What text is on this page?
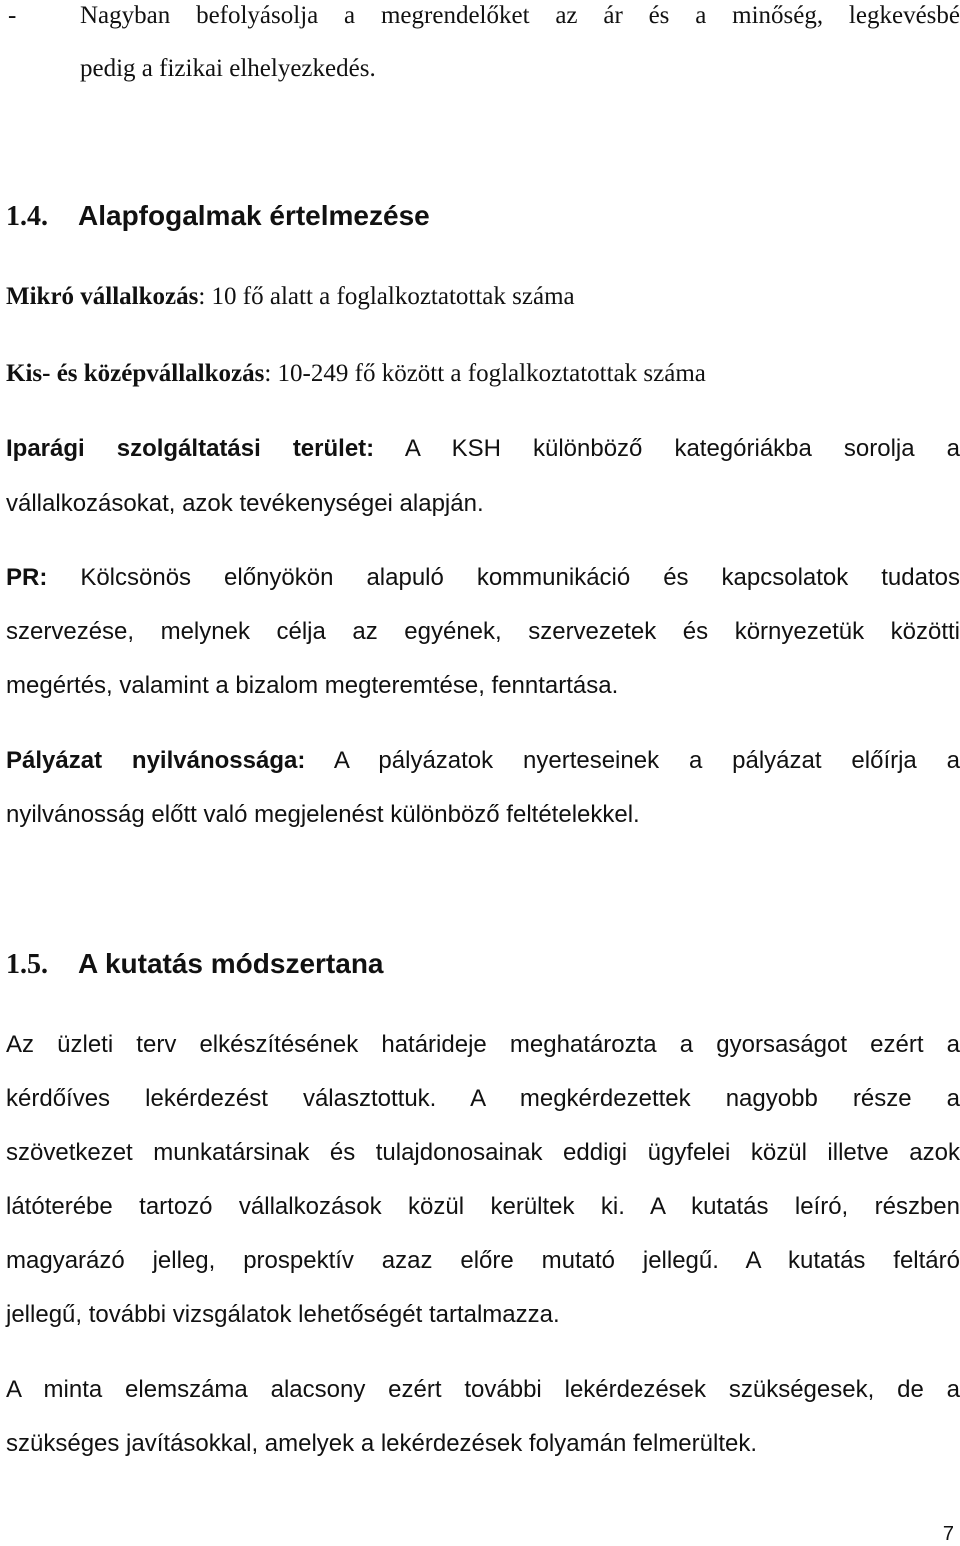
-	Nagyban befolyásolja a megrendelőket az ár és a minőség, legkevésbé
pedig a fizikai elhelyezkedés.
1.4. Alapfogalmak értelmezése
Mikró vállalkozás: 10 fő alatt a foglalkoztatottak száma
Kis- és középvállalkozás: 10-249 fő között a foglalkoztatottak száma
Iparági szolgáltatási terület: A KSH különböző kategóriákba sorolja a
vállalkozásokat, azok tevékenységei alapján.
PR: Kölcsönös előnyökön alapuló kommunikáció és kapcsolatok tudatos
szervezése, melynek célja az egyének, szervezetek és környezetük közötti
megértés, valamint a bizalom megteremtése, fenntartása.
Pályázat nyilvánossága: A pályázatok nyerteseinek a pályázat előírja a
nyilvánosság előtt való megjelenést különböző feltételekkel.
1.5. A kutatás módszertana
Az üzleti terv elkészítésének határideje meghatározta a gyorsaságot ezért a
kérdőíves lekérdezést választottuk. A megkérdezettek nagyobb része a
szövetkezet munkatársinak és tulajdonosainak eddigi ügyfelei közül illetve azok
látóterébe tartozó vállalkozások közül kerültek ki. A kutatás leíró, részben
magyarázó jelleg, prospektív azaz előre mutató jellegű. A kutatás feltáró
jellegű, további vizsgálatok lehetőségét tartalmazza.
A minta elemszáma alacsony ezért további lekérdezések szükségesek, de a
szükséges javításokkal, amelyek a lekérdezések folyamán felmerültek.
7
